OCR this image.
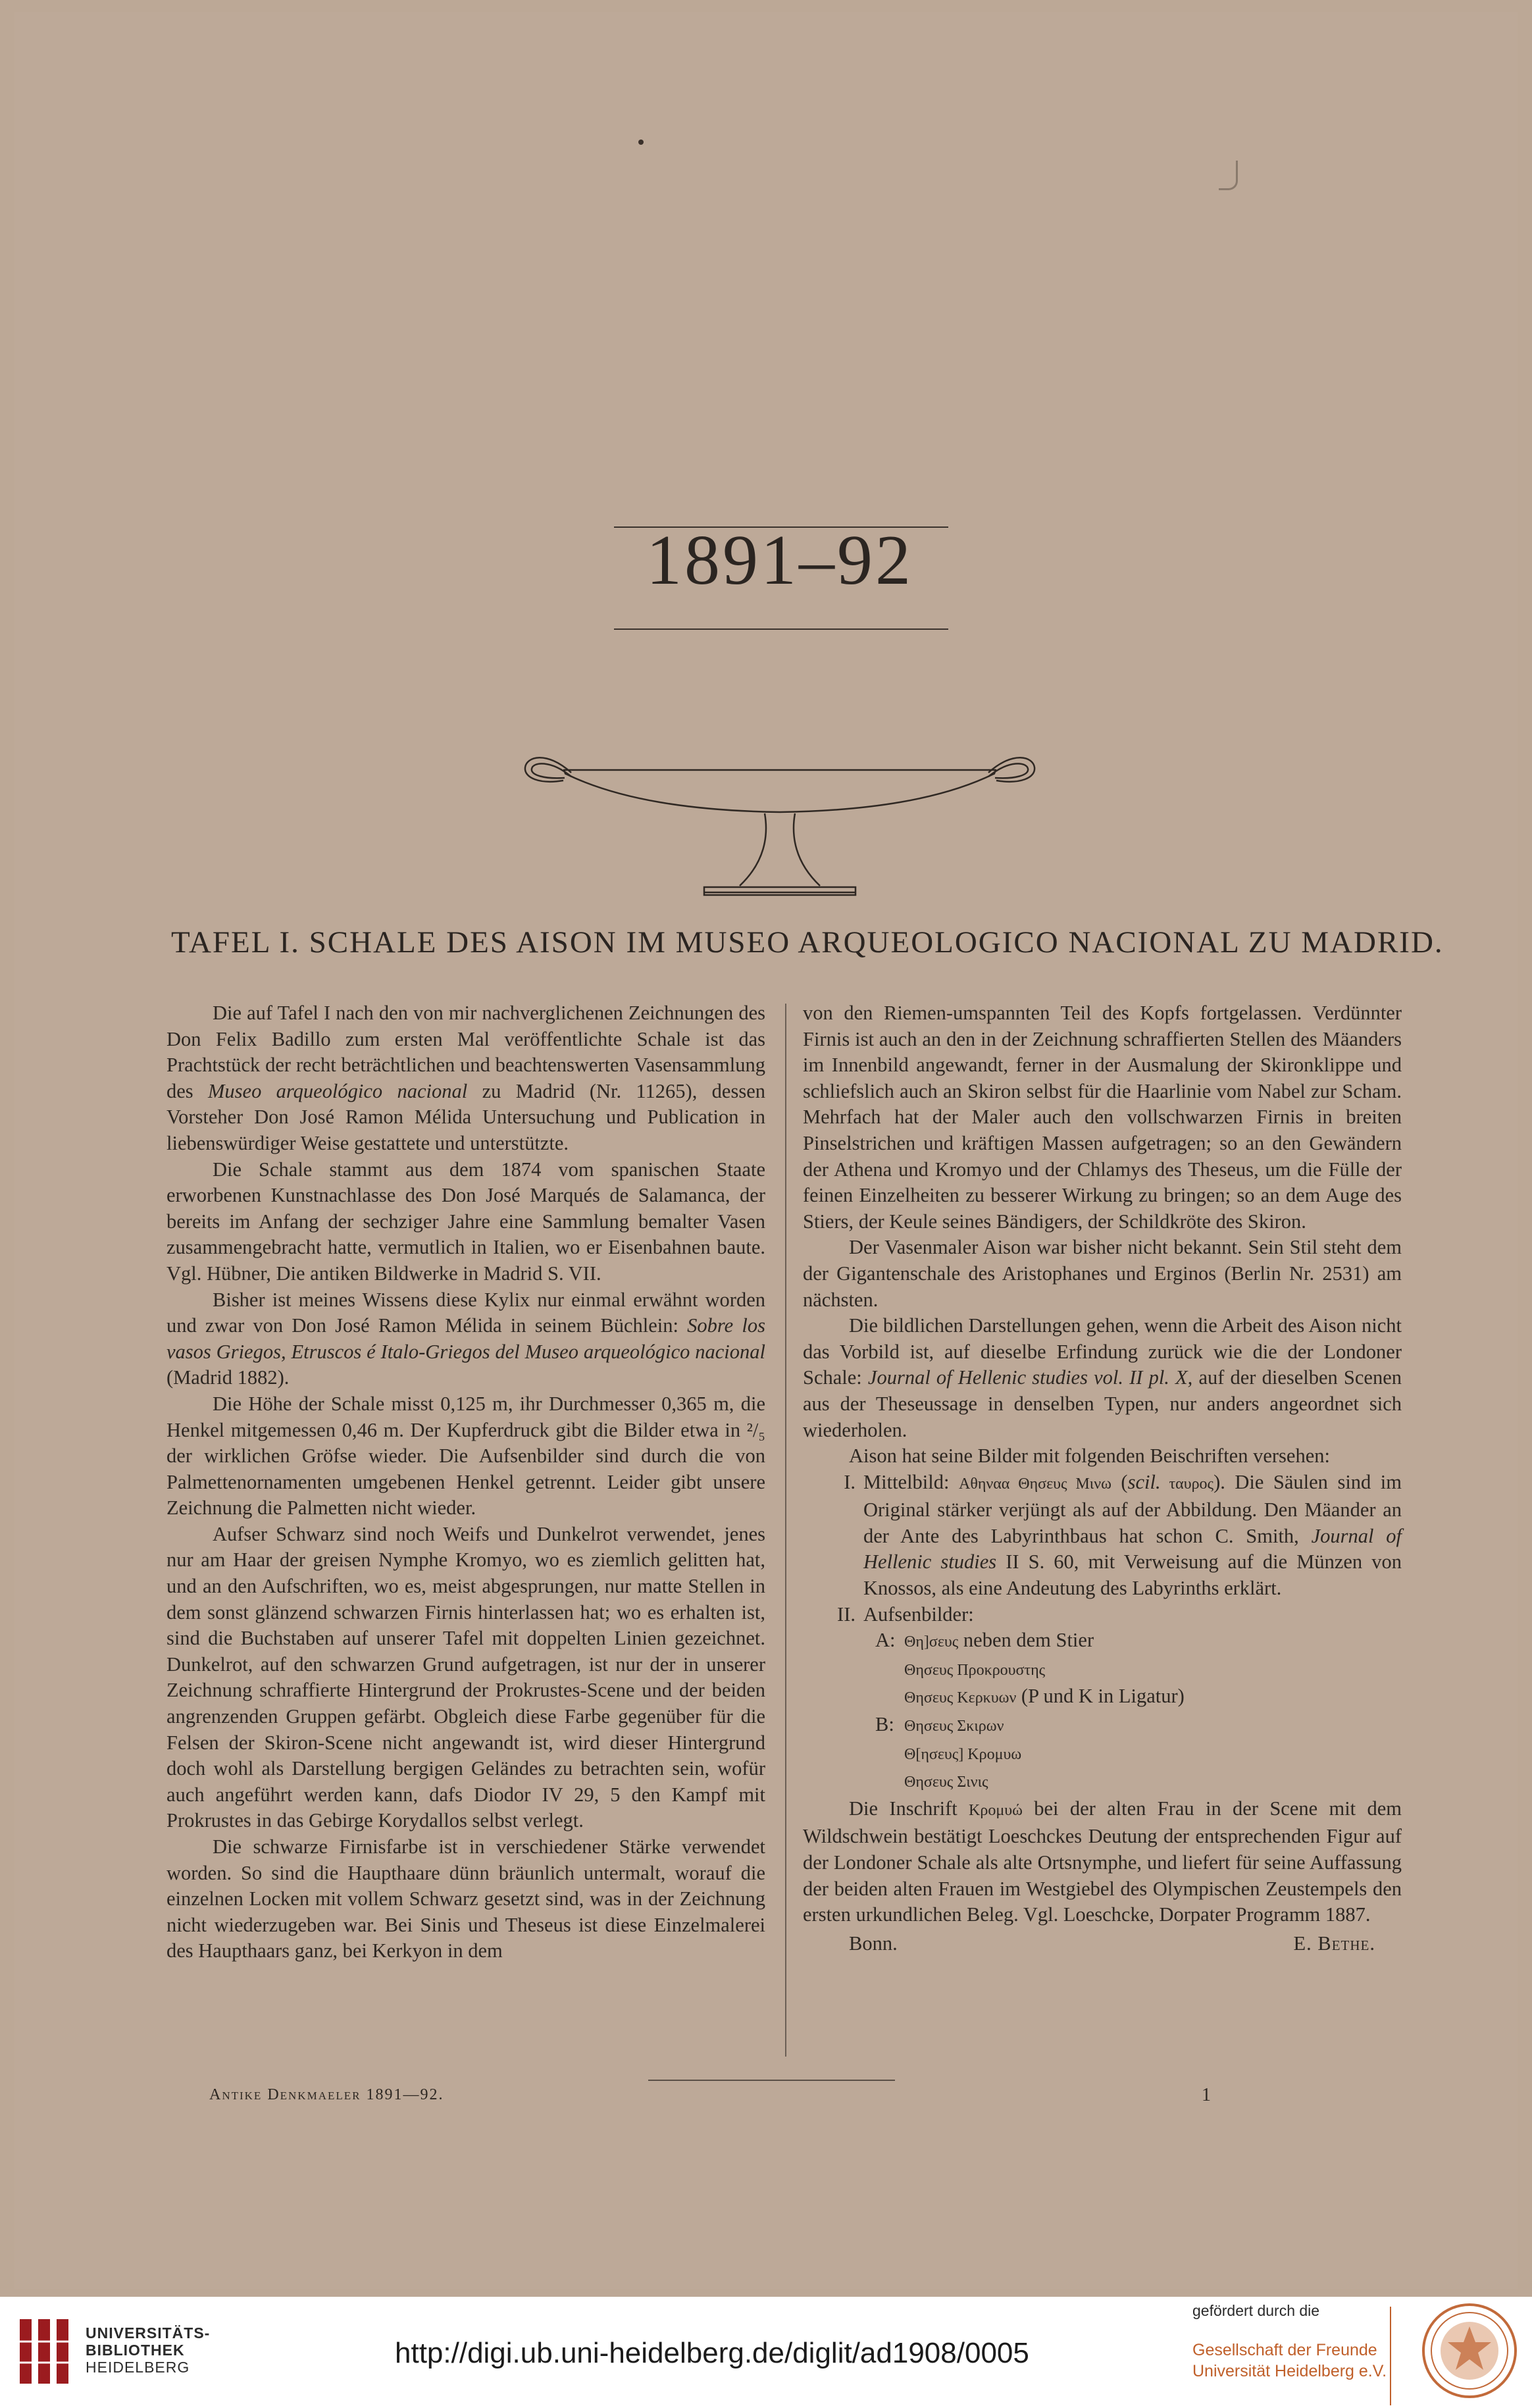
1891–92
TAFEL I. SCHALE DES AISON IM MUSEO ARQUEOLOGICO NACIONAL ZU MADRID.

Die auf Tafel I nach den von mir nachverglichenen Zeichnungen des Don Felix Badillo zum ersten Mal veröffentlichte Schale ist das Prachtstück der recht beträchtlichen und beachtenswerten Vasensammlung des Museo arqueológico nacional zu Madrid (Nr. 11265), dessen Vorsteher Don José Ramon Mélida Untersuchung und Publication in liebenswürdiger Weise gestattete und unterstützte.

Die Schale stammt aus dem 1874 vom spanischen Staate erworbenen Kunstnachlasse des Don José Marqués de Salamanca, der bereits im Anfang der sechziger Jahre eine Sammlung bemalter Vasen zusammengebracht hatte, vermutlich in Italien, wo er Eisenbahnen baute. Vgl. Hübner, Die antiken Bildwerke in Madrid S. VII.

Bisher ist meines Wissens diese Kylix nur einmal erwähnt worden und zwar von Don José Ramon Mélida in seinem Büchlein: Sobre los vasos Griegos, Etruscos é Italo-Griegos del Museo arqueológico nacional (Madrid 1882).

Die Höhe der Schale misst 0,125 m, ihr Durchmesser 0,365 m, die Henkel mitgemessen 0,46 m. Der Kupferdruck gibt die Bilder etwa in ²/₅ der wirklichen Gröfse wieder. Die Aufsenbilder sind durch die von Palmettenornamenten umgebenen Henkel getrennt. Leider gibt unsere Zeichnung die Palmetten nicht wieder.

Aufser Schwarz sind noch Weifs und Dunkelrot verwendet, jenes nur am Haar der greisen Nymphe Kromyo, wo es ziemlich gelitten hat, und an den Aufschriften, wo es, meist abgesprungen, nur matte Stellen in dem sonst glänzend schwarzen Firnis hinterlassen hat; wo es erhalten ist, sind die Buchstaben auf unserer Tafel mit doppelten Linien gezeichnet. Dunkelrot, auf den schwarzen Grund aufgetragen, ist nur der in unserer Zeichnung schraffierte Hintergrund der Prokrustes-Scene und der beiden angrenzenden Gruppen gefärbt. Obgleich diese Farbe gegenüber für die Felsen der Skiron-Scene nicht angewandt ist, wird dieser Hintergrund doch wohl als Darstellung bergigen Geländes zu betrachten sein, wofür auch angeführt werden kann, dafs Diodor IV 29, 5 den Kampf mit Prokrustes in das Gebirge Korydallos selbst verlegt.

Die schwarze Firnisfarbe ist in verschiedener Stärke verwendet worden. So sind die Haupthaare dünn bräunlich untermalt, worauf die einzelnen Locken mit vollem Schwarz gesetzt sind, was in der Zeichnung nicht wiederzugeben war. Bei Sinis und Theseus ist diese Einzelmalerei des Haupthaars ganz, bei Kerkyon in dem

von den Riemen-umspannten Teil des Kopfs fortgelassen. Verdünnter Firnis ist auch an den in der Zeichnung schraffierten Stellen des Mäanders im Innenbild angewandt, ferner in der Ausmalung der Skironklippe und schliefslich auch an Skiron selbst für die Haarlinie vom Nabel zur Scham. Mehrfach hat der Maler auch den vollschwarzen Firnis in breiten Pinselstrichen und kräftigen Massen aufgetragen; so an den Gewändern der Athena und Kromyo und der Chlamys des Theseus, um die Fülle der feinen Einzelheiten zu besserer Wirkung zu bringen; so an dem Auge des Stiers, der Keule seines Bändigers, der Schildkröte des Skiron.

Der Vasenmaler Aison war bisher nicht bekannt. Sein Stil steht dem der Gigantenschale des Aristophanes und Erginos (Berlin Nr. 2531) am nächsten.

Die bildlichen Darstellungen gehen, wenn die Arbeit des Aison nicht das Vorbild ist, auf dieselbe Erfindung zurück wie die der Londoner Schale: Journal of Hellenic studies vol. II pl. X, auf der dieselben Scenen aus der Theseussage in denselben Typen, nur anders angeordnet sich wiederholen.

Aison hat seine Bilder mit folgenden Beischriften versehen:

I. Mittelbild: Αθηναα Θησευς Μινω (scil. ταυρος). Die Säulen sind im Original stärker verjüngt als auf der Abbildung. Den Mäander an der Ante des Labyrinthbaus hat schon C. Smith, Journal of Hellenic studies II S. 60, mit Verweisung auf die Münzen von Knossos, als eine Andeutung des Labyrinths erklärt.
II. Aufsenbilder:
A: Θη]σευς neben dem Stier
Θησευς Προκρουστης
Θησευς Κερκυων (P und K in Ligatur)
B: Θησευς Σκιρων
Θ[ησευς] Κρομυω
Θησευς Σινις

Die Inschrift Κρομυώ bei der alten Frau in der Scene mit dem Wildschwein bestätigt Loeschckes Deutung der entsprechenden Figur auf der Londoner Schale als alte Ortsnymphe, und liefert für seine Auffassung der beiden alten Frauen im Westgiebel des Olympischen Zeustempels den ersten urkundlichen Beleg. Vgl. Loeschcke, Dorpater Programm 1887.

Bonn.	E. Bethe.
Antike Denkmaeler 1891—92.	1
UNIVERSITÄTS-
BIBLIOTHEK
HEIDELBERG	http://digi.ub.uni-heidelberg.de/diglit/ad1908/0005
gefördert durch die
Gesellschaft der Freunde
Universität Heidelberg e.V.
